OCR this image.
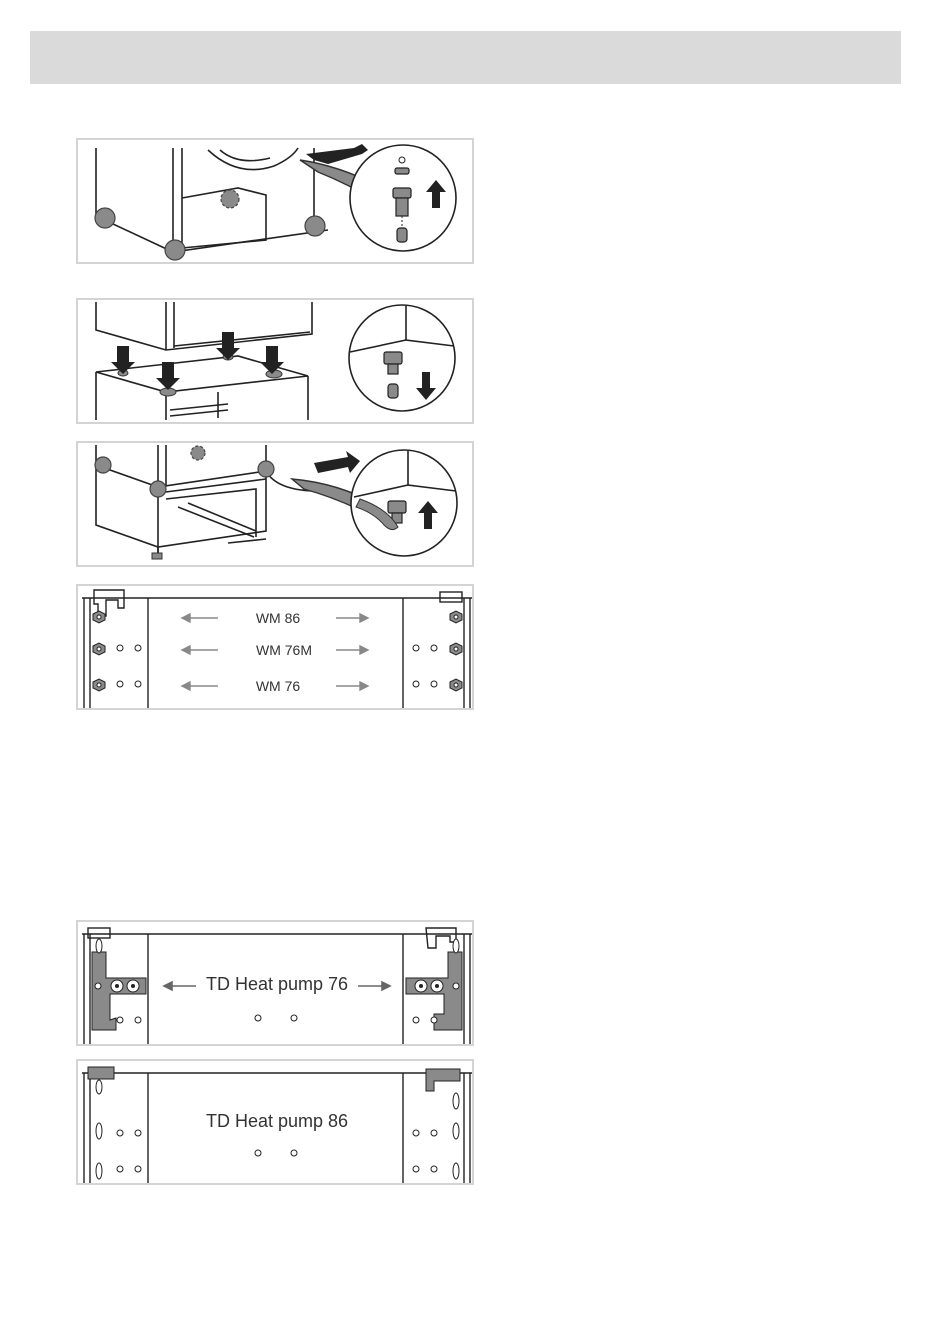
WM 86
WM 76M
WM 76
TD Heat pump 76
TD Heat pump 86
